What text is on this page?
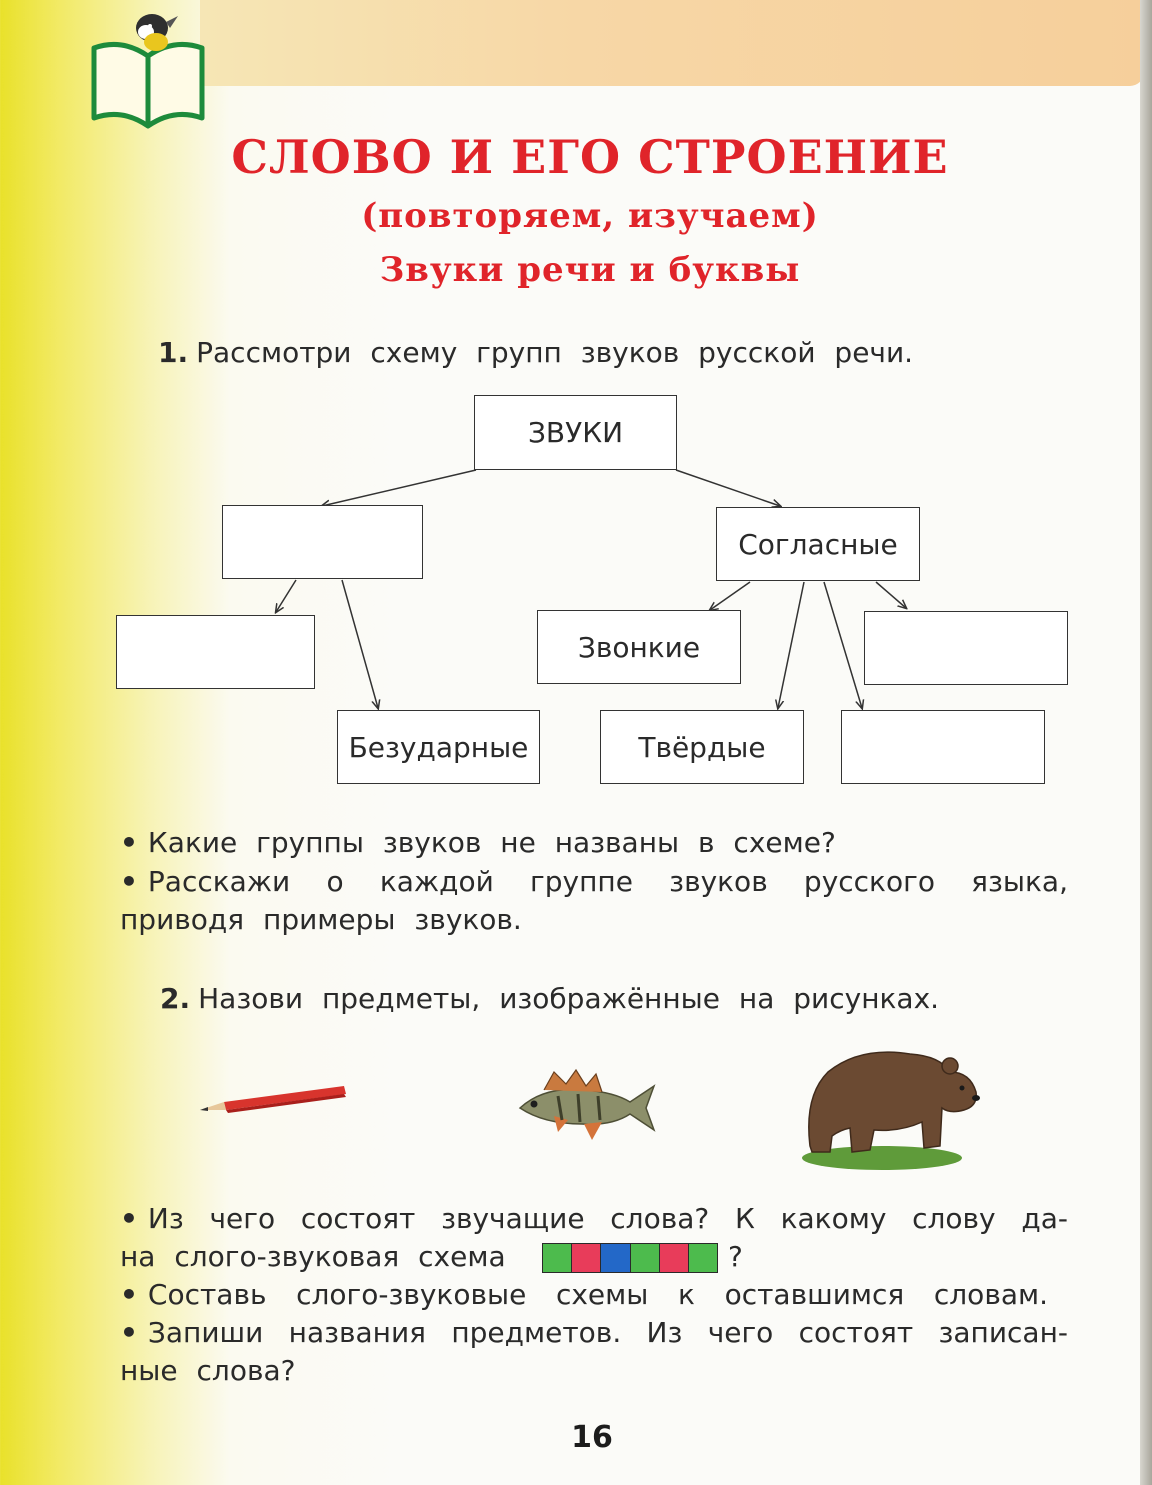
СЛОВО И ЕГО СТРОЕНИЕ
(повторяем, изучаем)
Звуки речи и буквы
1. Рассмотри схему групп звуков русской речи.
ЗВУКИ
Согласные
Звонкие
Безударные	Твёрдые
• Какие группы звуков не названы в схеме?
• Расскажи о каждой группе звуков русского языка,
приводя примеры звуков.
2. Назови предметы, изображённые на рисунках.
• Из чего состоят звучащие слова? К какому слову да-
на слого-звуковая схема	?
• Составь слого-звуковые схемы к оставшимся словам.
• Запиши названия предметов. Из чего состоят записан-
ные слова?
16
